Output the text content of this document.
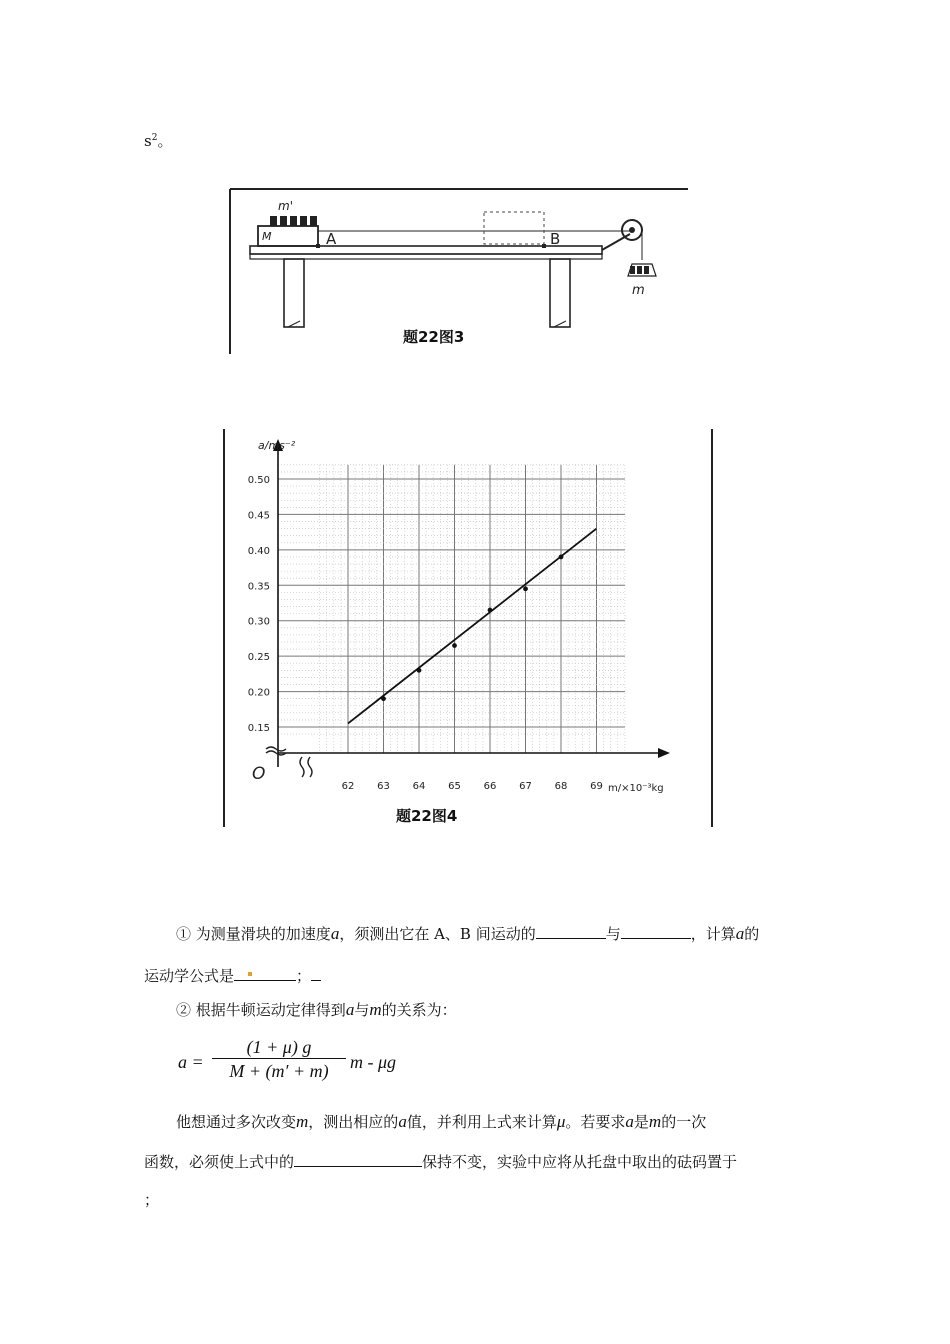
$s^2$。
m'
M	A	B
m
题22图3
0.15
0.20
0.25
0.30
0.35
0.40
0.45
0.50
62 63 64 65 66 67 68 69
a/ms⁻²
m/×10⁻³kg
O
题22图4
① 为测量滑块的加速度a，须测出它在 A、B 间运动的	与	，计算a的
运动学公式是	；
② 根据牛顿运动定律得到a与m的关系为：
$a = \frac{(1 + \mu) g}{M + (m' + m)}$ m - μg
他想通过多次改变m，测出相应的a值，并利用上式来计算μ。若要求a是m的一次
函数，必须使上式中的	保持不变，实验中应将从托盘中取出的砝码置于
；
